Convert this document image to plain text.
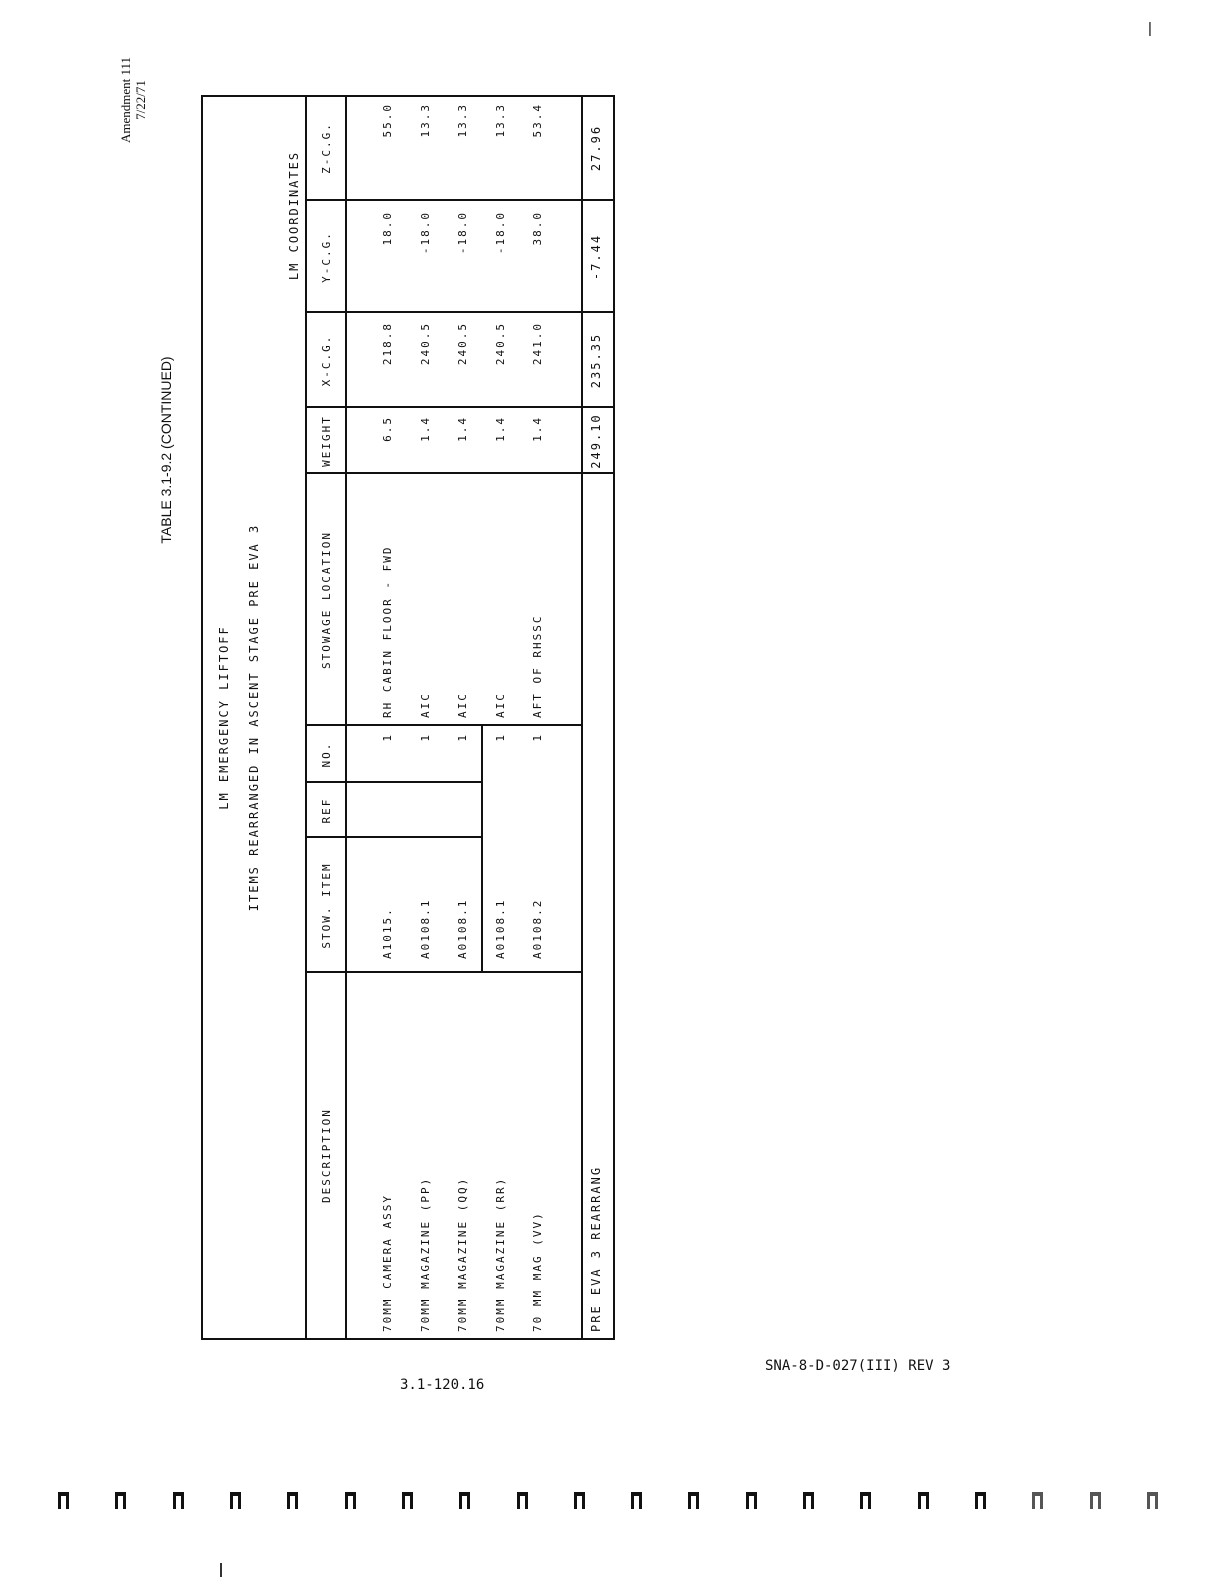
|
Amendment 111 7/22/71
TABLE 3.1-9.2 (CONTINUED)
LM EMERGENCY LIFTOFF ITEMS REARRANGED IN ASCENT STAGE PRE EVA 3
LM COORDINATES
DESCRIPTION
STOW. ITEM
REF
NO.
STOWAGE LOCATION
WEIGHT
X-C.G.
Y-C.G.
Z-C.G.

70MM CAMERA ASSY

70MM MAGAZINE (PP)

70MM MAGAZINE (QQ)

70MM MAGAZINE (RR)

70 MM MAG (VV)

A1015.

A0108.1

A0108.1

A0108.1

A0108.2

1

1

1

1

1

RH CABIN FLOOR - FWD

AIC

AIC

AIC

AFT OF RHSSC

6.5

1.4

1.4

1.4

1.4

218.8

240.5

240.5

240.5

241.0

18.0

-18.0

-18.0

-18.0

38.0

55.0

13.3

13.3

13.3

53.4

PRE EVA 3 REARRANG
249.10
235.35
-7.44
27.96
3.1-120.16
SNA-8-D-027(III) REV 3
